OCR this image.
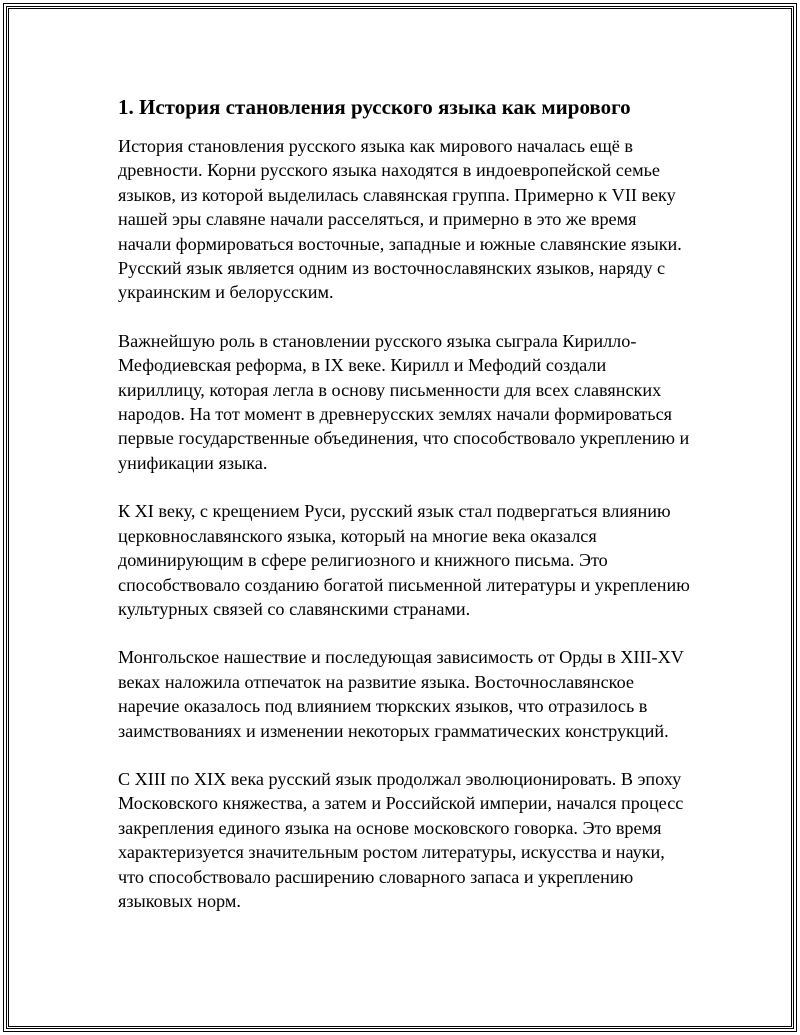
1. История становления русского языка как мирового

История становления русского языка как мирового началась ещё в древности. Корни русского языка находятся в индоевропейской семье языков, из которой выделилась славянская группа. Примерно к VII веку нашей эры славяне начали расселяться, и примерно в это же время начали формироваться восточные, западные и южные славянские языки. Русский язык является одним из восточнославянских языков, наряду с украинским и белорусским.

Важнейшую роль в становлении русского языка сыграла Кирилло-Мефодиевская реформа, в IX веке. Кирилл и Мефодий создали кириллицу, которая легла в основу письменности для всех славянских народов. На тот момент в древнерусских землях начали формироваться первые государственные объединения, что способствовало укреплению и унификации языка.

К XI веку, с крещением Руси, русский язык стал подвергаться влиянию церковнославянского языка, который на многие века оказался доминирующим в сфере религиозного и книжного письма. Это способствовало созданию богатой письменной литературы и укреплению культурных связей со славянскими странами.

Монгольское нашествие и последующая зависимость от Орды в XIII-XV веках наложила отпечаток на развитие языка. Восточнославянское наречие оказалось под влиянием тюркских языков, что отразилось в заимствованиях и изменении некоторых грамматических конструкций.

С XIII по XIX века русский язык продолжал эволюционировать. В эпоху Московского княжества, а затем и Российской империи, начался процесс закрепления единого языка на основе московского говорка. Это время характеризуется значительным ростом литературы, искусства и науки, что способствовало расширению словарного запаса и укреплению языковых норм.
